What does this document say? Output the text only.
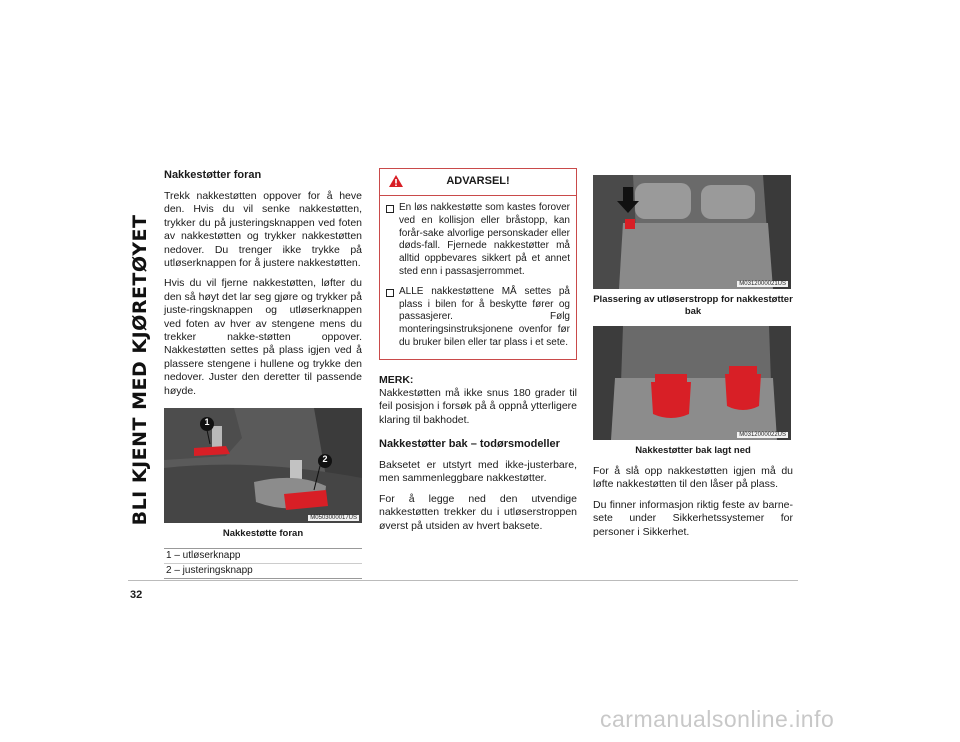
BLI KJENT MED KJØRETØYET
Nakkestøtter foran

Trekk nakkestøtten oppover for å heve den. Hvis du vil senke nakkestøtten, trykker du på justeringsknappen ved foten av nakkestøtten og trykker nakkestøtten nedover. Du trenger ikke trykke på utløserknappen for å justere nakkestøtten.

Hvis du vil fjerne nakkestøtten, løfter du den så høyt det lar seg gjøre og trykker på juste-ringsknappen og utløserknappen ved foten av hver av stengene mens du trekker nakke-støtten oppover. Nakkestøtten settes på plass igjen ved å plassere stengene i hullene og trykke den nedover. Juster den deretter til passende høyde.

1
2
M0503000017US
Nakkestøtte foran
1 – utløserknapp
2 – justeringsknapp
ADVARSEL!
En løs nakkestøtte som kastes forover ved en kollisjon eller bråstopp, kan forår-sake alvorlige personskader eller døds-fall. Fjernede nakkestøtter må alltid oppbevares sikkert på et annet sted enn i passasjerrommet.
ALLE nakkestøttene MÅ settes på plass i bilen for å beskytte fører og passasjerer. Følg monteringsinstruksjonene ovenfor før du bruker bilen eller tar plass i et sete.
MERK:

Nakkestøtten må ikke snus 180 grader til feil posisjon i forsøk på å oppnå ytterligere klaring til bakhodet.

Nakkestøtter bak – todørsmodeller

Baksetet er utstyrt med ikke-justerbare, men sammenleggbare nakkestøtter.

For å legge ned den utvendige nakkestøtten trekker du i utløserstroppen øverst på utsiden av hvert baksete.

M0312000021US
Plassering av utløserstropp for nakkestøtter bak
M0312000022US
Nakkestøtter bak lagt ned

For å slå opp nakkestøtten igjen må du løfte nakkestøtten til den låser på plass.

Du finner informasjon riktig feste av barne-sete under Sikkerhetssystemer for personer i Sikkerhet.

32
carmanualsonline.info
